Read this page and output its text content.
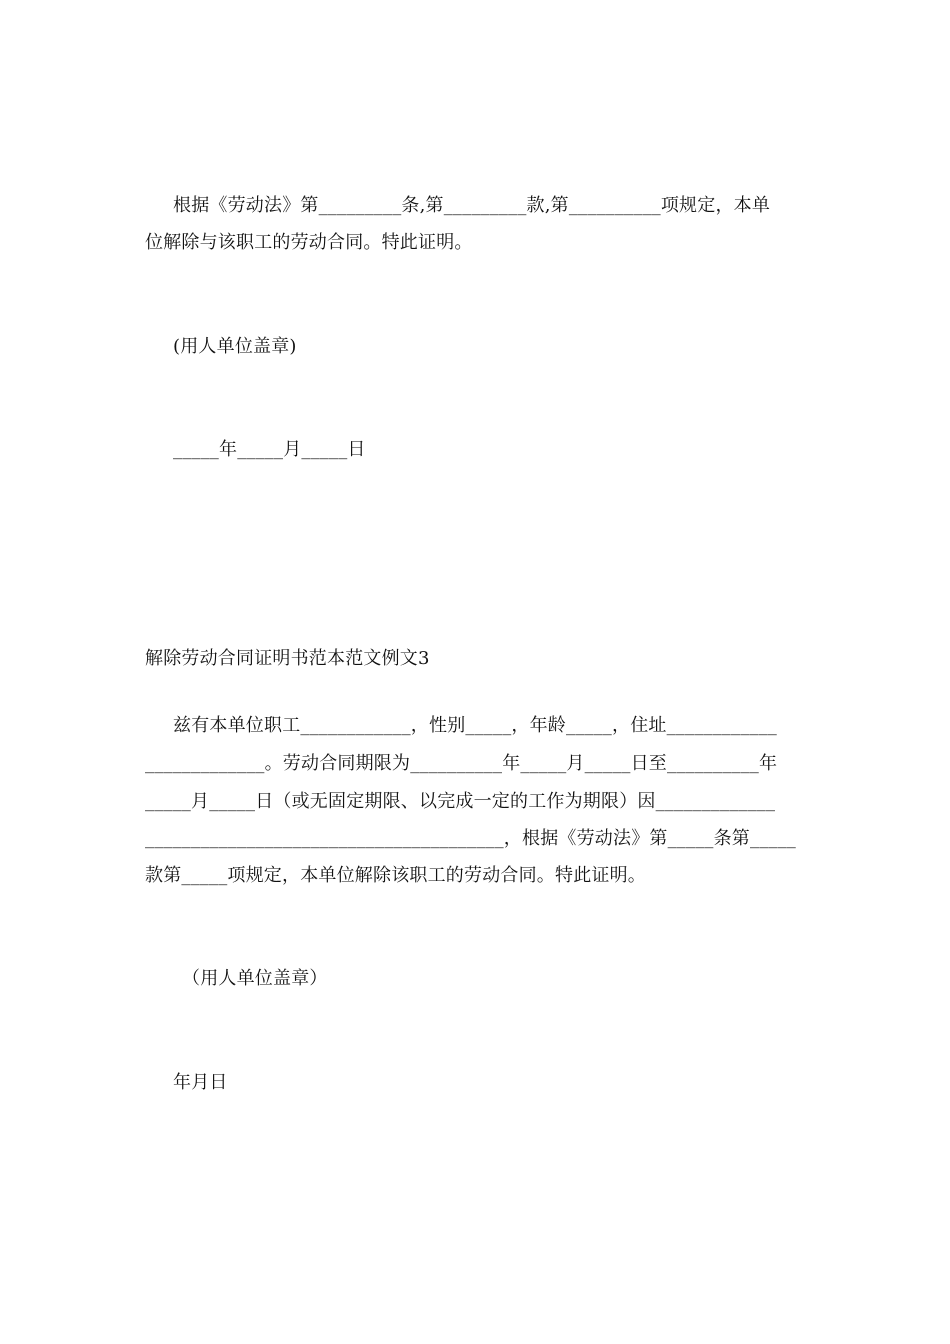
根据《劳动法》第_________条,第_________款,第__________项规定，本单
位解除与该职工的劳动合同。特此证明。
(用人单位盖章)
_____年_____月_____日
解除劳动合同证明书范本范文例文3
兹有本单位职工____________，性别_____，年龄_____，住址____________
_____________。劳动合同期限为__________年_____月_____日至__________年
_____月_____日（或无固定期限、以完成一定的工作为期限）因_____________
_______________________________________，根据《劳动法》第_____条第_____
款第_____项规定，本单位解除该职工的劳动合同。特此证明。
（用人单位盖章）
年月日
